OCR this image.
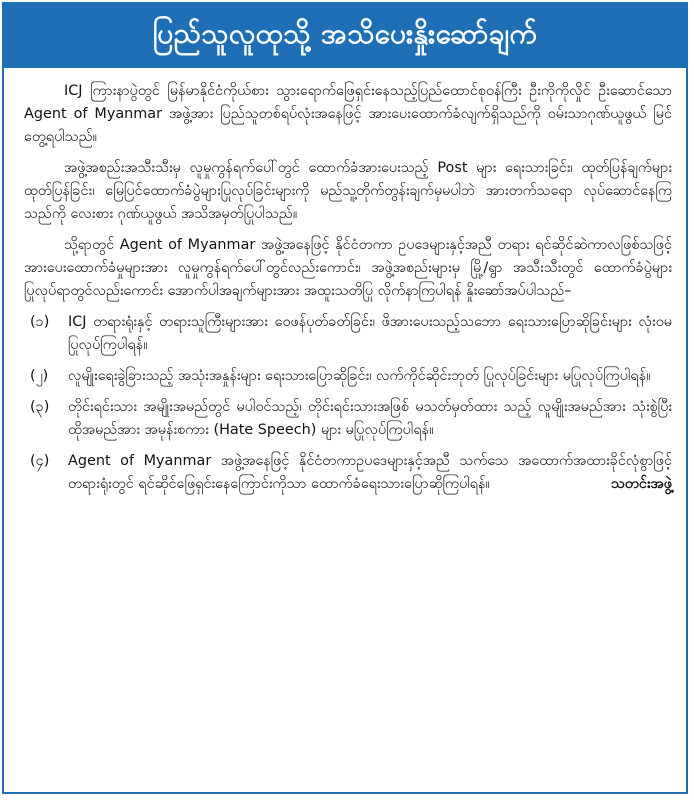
ပြည်သူလူထုသို့ အသိပေးနှိုးဆော်ချက်

ICJ ကြားနာပွဲတွင် မြန်မာနိုင်ငံကိုယ်စား သွားရောက်ဖြေရှင်းနေသည့်ပြည်ထောင်စုဝန်ကြီး ဦးကိုကိုလှိုင် ဦးဆောင်သော Agent of Myanmar အဖွဲ့အား ပြည်သူတစ်ရပ်လုံးအနေဖြင့် အားပေးထောက်ခံလျက်ရှိသည်ကို ဝမ်းသာဂုဏ်ယူဖွယ် မြင်တွေ့ရပါသည်။

အဖွဲ့အစည်းအသီးသီးမှ လူမှုကွန်ရက်ပေါ်တွင် ထောက်ခံအားပေးသည့် Post များ ရေးသားခြင်း၊ ထုတ်ပြန်ချက်များ ထုတ်ပြန်ခြင်း၊ မြေပြင်ထောက်ခံပွဲများပြုလုပ်ခြင်းများကို မည်သူ့တိုက်တွန်းချက်မှမပါဘဲ အားတက်သရော လုပ်ဆောင်နေကြသည်ကို လေးစား ဂုဏ်ယူဖွယ် အသိအမှတ်ပြုပါသည်။

သို့ရာတွင် Agent of Myanmar အဖွဲ့အနေဖြင့် နိုင်ငံတကာ ဥပဒေများနှင့်အညီ တရား ရင်ဆိုင်ဆဲကာလဖြစ်သဖြင့် အားပေးထောက်ခံမှုများအား လူမှုကွန်ရက်ပေါ်တွင်လည်းကောင်း၊ အဖွဲ့အစည်းများမှ မြို့/ရွာ အသီးသီးတွင် ထောက်ခံပွဲများပြုလုပ်ရာတွင်လည်းကောင်း အောက်ပါအချက်များအား အထူးသတိပြု လိုက်နာကြပါရန် နှိုးဆော်အပ်ပါသည်–

(၁) ICJ တရားရုံးနှင့် တရားသူကြီးများအား ဝေဖန်ပုတ်ခတ်ခြင်း၊ ဖိအားပေးသည့်သဘော ရေးသားပြောဆိုခြင်းများ လုံးဝမပြုလုပ်ကြပါရန်။
(၂) လူမျိုးရေးခွဲခြားသည့် အသုံးအနှုန်းများ ရေးသားပြောဆိုခြင်း၊ လက်ကိုင်ဆိုင်းဘုတ် ပြုလုပ်ခြင်းများ မပြုလုပ်ကြပါရန်။
(၃) တိုင်းရင်းသား အမျိုးအမည်တွင် မပါဝင်သည့်၊ တိုင်းရင်းသားအဖြစ် မသတ်မှတ်ထား သည့် လူမျိုးအမည်အား သုံးစွဲပြီး ထိုအမည်အား အမုန်းစကား (Hate Speech) များ မပြုလုပ်ကြပါရန်။
(၄) Agent of Myanmar အဖွဲ့အနေဖြင့် နိုင်ငံတကာဥပဒေများနှင့်အညီ သက်သေ အထောက်အထားခိုင်လုံစွာဖြင့် တရားရုံးတွင် ရင်ဆိုင်ဖြေရှင်းနေကြောင်းကိုသာ ထောက်ခံရေးသားပြောဆိုကြပါရန်။	သတင်းအဖွဲ့
